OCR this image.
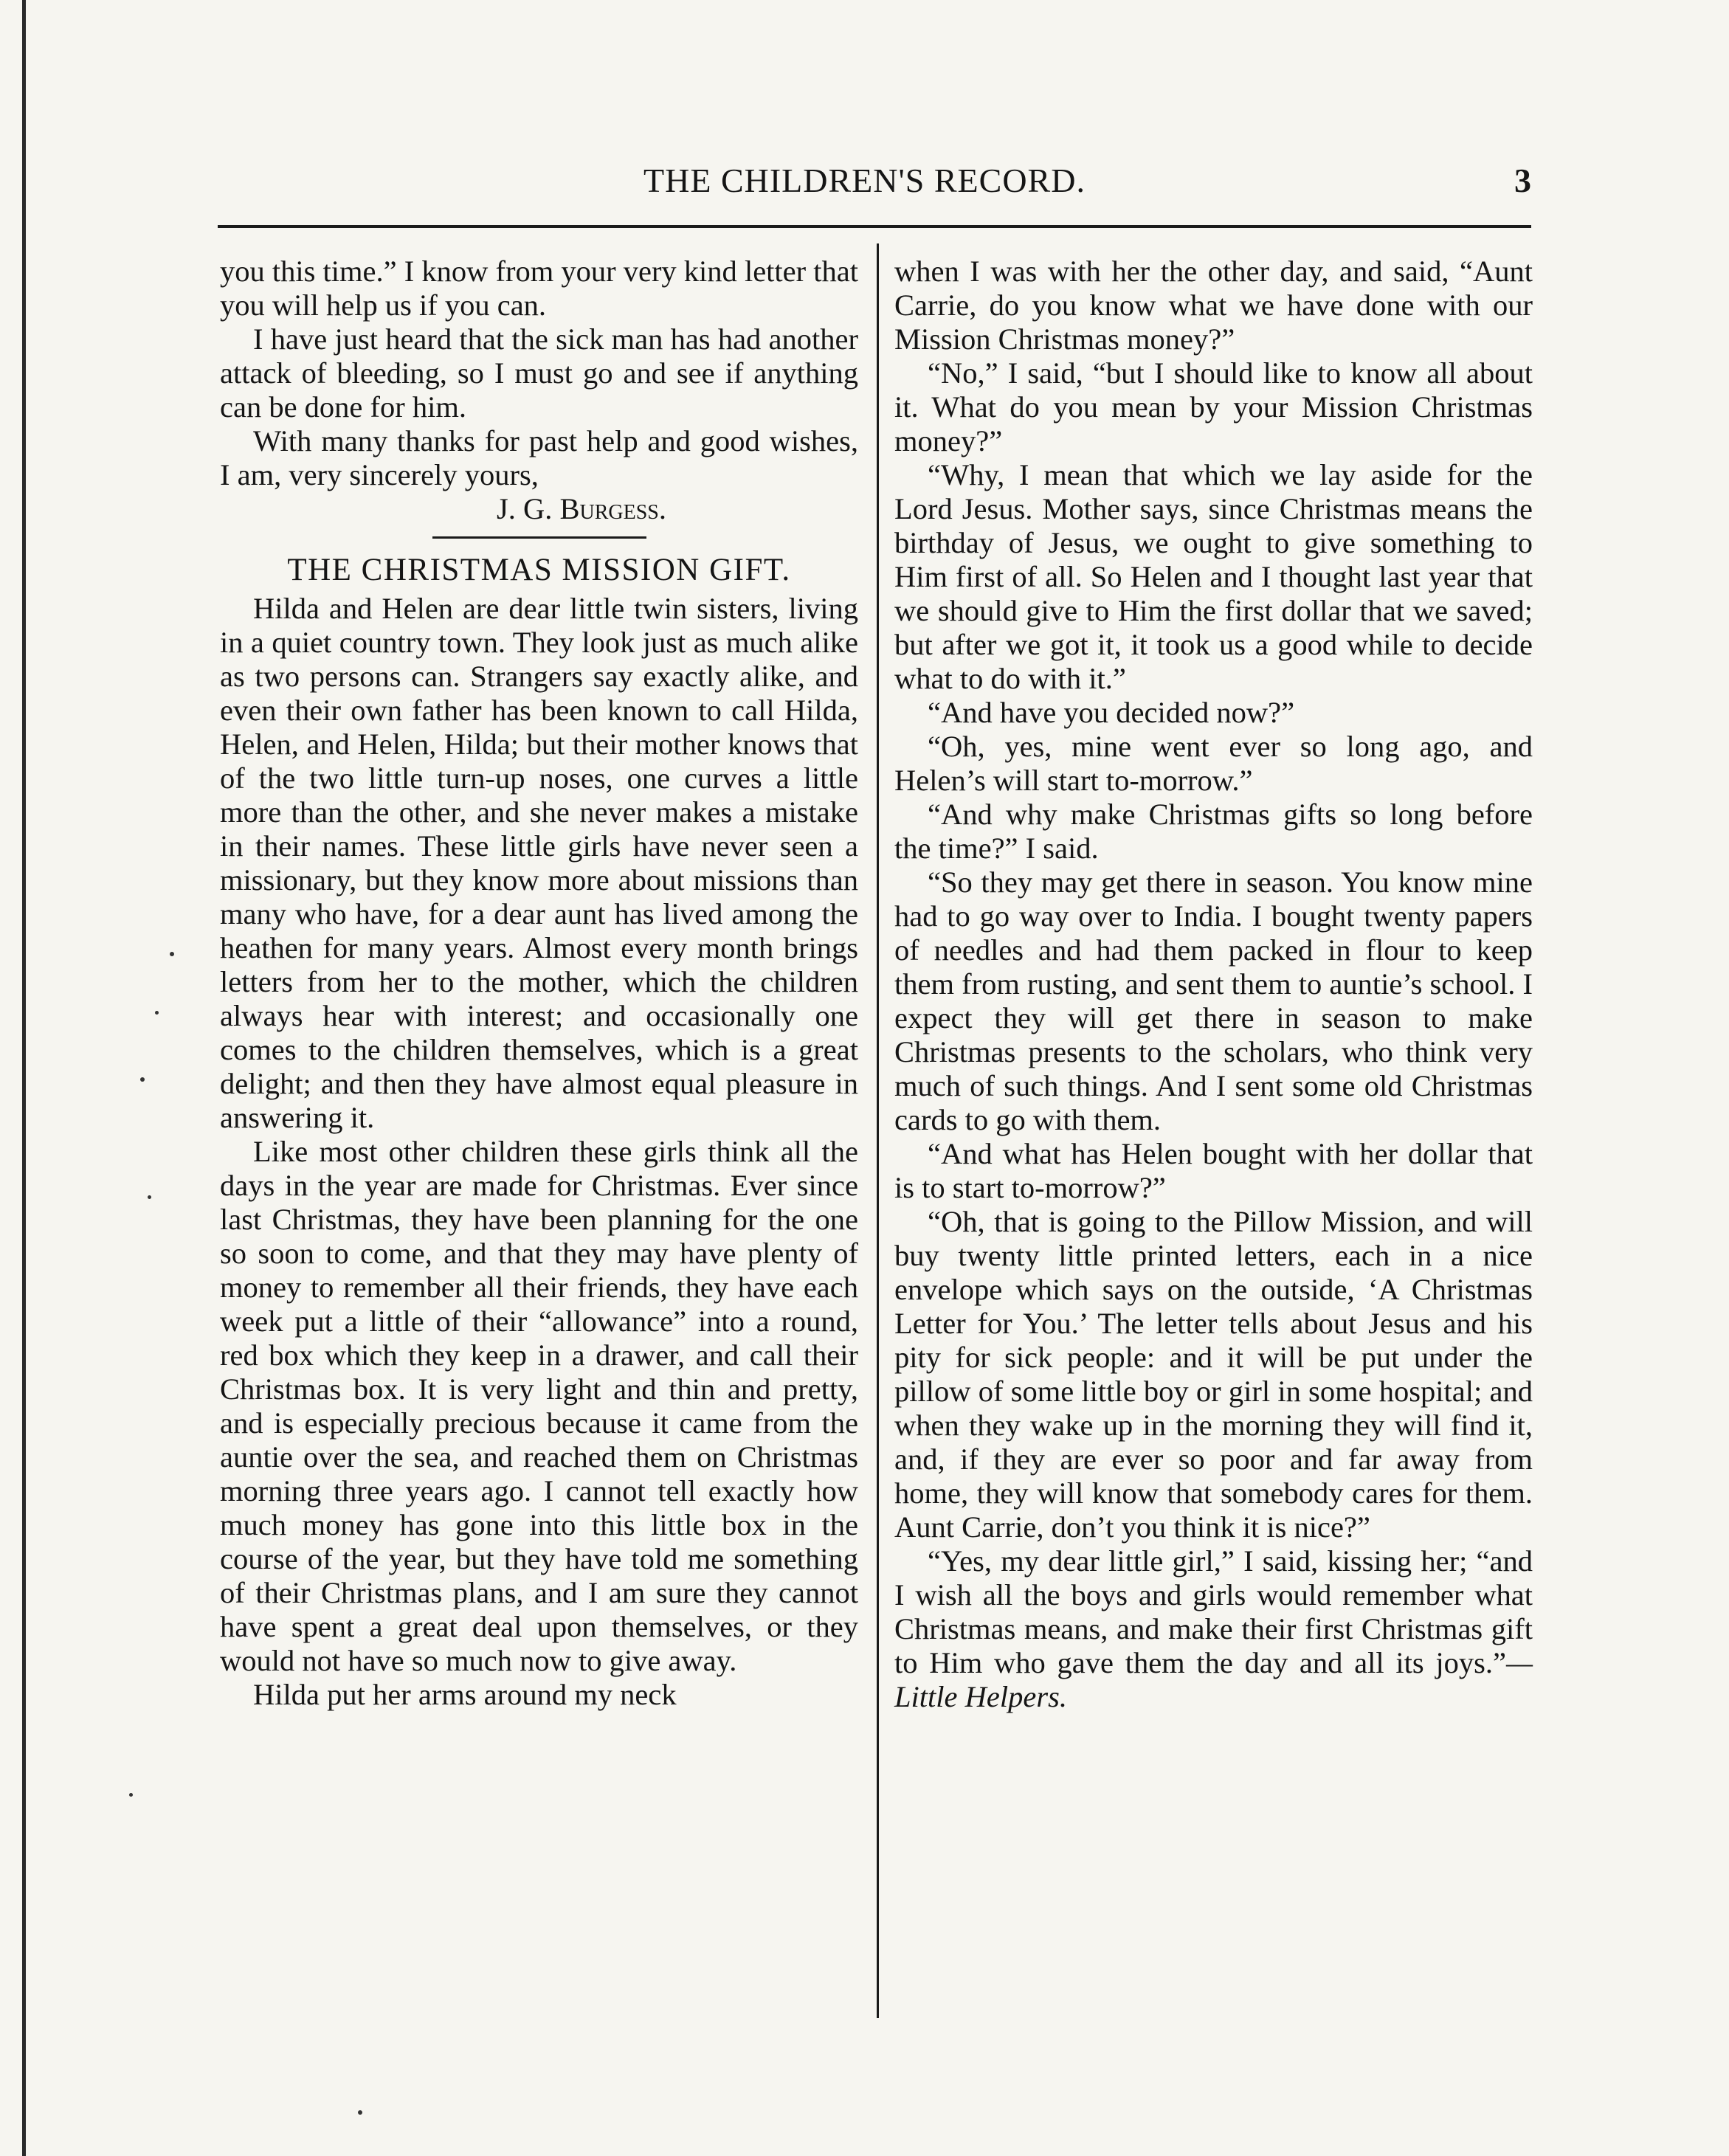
THE CHILDREN'S RECORD.	3

you this time.” I know from your very kind letter that you will help us if you can.

I have just heard that the sick man has had another attack of bleeding, so I must go and see if anything can be done for him.

With many thanks for past help and good wishes, I am, very sincerely yours,

J. G. Burgess.

THE CHRISTMAS MISSION GIFT.

Hilda and Helen are dear little twin sisters, living in a quiet country town. They look just as much alike as two persons can. Strangers say exactly alike, and even their own father has been known to call Hilda, Helen, and Helen, Hilda; but their mother knows that of the two little turn-up noses, one curves a little more than the other, and she never makes a mistake in their names. These little girls have never seen a missionary, but they know more about missions than many who have, for a dear aunt has lived among the heathen for many years. Almost every month brings letters from her to the mother, which the children always hear with interest; and occasionally one comes to the children themselves, which is a great delight; and then they have almost equal pleasure in answering it.

Like most other children these girls think all the days in the year are made for Christmas. Ever since last Christmas, they have been planning for the one so soon to come, and that they may have plenty of money to remember all their friends, they have each week put a little of their “allowance” into a round, red box which they keep in a drawer, and call their Christmas box. It is very light and thin and pretty, and is especially precious because it came from the auntie over the sea, and reached them on Christmas morning three years ago. I cannot tell exactly how much money has gone into this little box in the course of the year, but they have told me something of their Christmas plans, and I am sure they cannot have spent a great deal upon themselves, or they would not have so much now to give away.

Hilda put her arms around my neck

when I was with her the other day, and said, “Aunt Carrie, do you know what we have done with our Mission Christmas money?”

“No,” I said, “but I should like to know all about it. What do you mean by your Mission Christmas money?”

“Why, I mean that which we lay aside for the Lord Jesus. Mother says, since Christmas means the birthday of Jesus, we ought to give something to Him first of all. So Helen and I thought last year that we should give to Him the first dollar that we saved; but after we got it, it took us a good while to decide what to do with it.”

“And have you decided now?”

“Oh, yes, mine went ever so long ago, and Helen’s will start to-morrow.”

“And why make Christmas gifts so long before the time?” I said.

“So they may get there in season. You know mine had to go way over to India. I bought twenty papers of needles and had them packed in flour to keep them from rusting, and sent them to auntie’s school. I expect they will get there in season to make Christmas presents to the scholars, who think very much of such things. And I sent some old Christmas cards to go with them.

“And what has Helen bought with her dollar that is to start to-morrow?”

“Oh, that is going to the Pillow Mission, and will buy twenty little printed letters, each in a nice envelope which says on the outside, ‘A Christmas Letter for You.’ The letter tells about Jesus and his pity for sick people: and it will be put under the pillow of some little boy or girl in some hospital; and when they wake up in the morning they will find it, and, if they are ever so poor and far away from home, they will know that somebody cares for them. Aunt Carrie, don’t you think it is nice?”

“Yes, my dear little girl,” I said, kissing her; “and I wish all the boys and girls would remember what Christmas means, and make their first Christmas gift to Him who gave them the day and all its joys.”—Little Helpers.
